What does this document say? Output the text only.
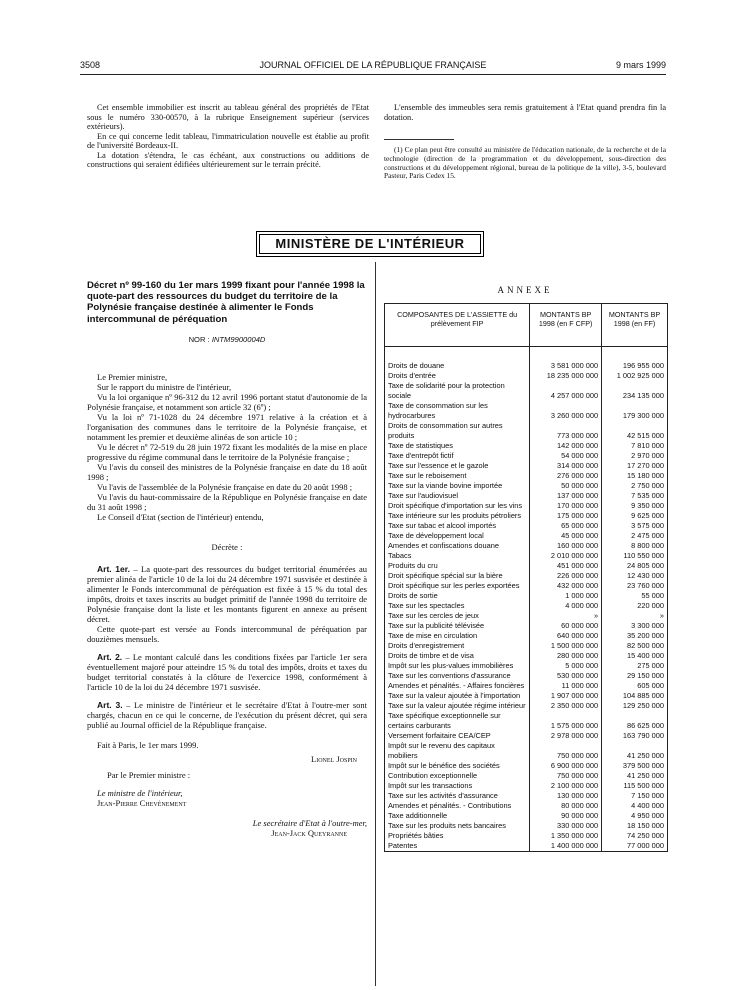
3508	JOURNAL OFFICIEL DE LA RÉPUBLIQUE FRANÇAISE	9 mars 1999

Cet ensemble immobilier est inscrit au tableau général des propriétés de l'Etat sous le numéro 330-00570, à la rubrique Enseignement supérieur (services extérieurs).

En ce qui concerne ledit tableau, l'immatriculation nouvelle est établie au profit de l'université Bordeaux-II.

La dotation s'étendra, le cas échéant, aux constructions ou additions de constructions qui seraient édifiées ultérieurement sur le terrain précité.

L'ensemble des immeubles sera remis gratuitement à l'Etat quand prendra fin la dotation.

(1) Ce plan peut être consulté au ministère de l'éducation nationale, de la recherche et de la technologie (direction de la programmation et du développement, sous-direction des constructions et du développement régional, bureau de la politique de la ville), 3-5, boulevard Pasteur, Paris Cedex 15.

MINISTÈRE DE L'INTÉRIEUR
Décret nº 99-160 du 1er mars 1999 fixant pour l'année 1998 la quote-part des ressources du budget du territoire de la Polynésie française destinée à alimenter le Fonds intercommunal de péréquation
NOR : INTM9900004D

Le Premier ministre,

Sur le rapport du ministre de l'intérieur,

Vu la loi organique nº 96-312 du 12 avril 1996 portant statut d'autonomie de la Polynésie française, et notamment son article 32 (6º) ;

Vu la loi nº 71-1028 du 24 décembre 1971 relative à la création et à l'organisation des communes dans le territoire de la Polynésie française, et notamment les premier et deuxième alinéas de son article 10 ;

Vu le décret nº 72-519 du 28 juin 1972 fixant les modalités de la mise en place progressive du régime communal dans le territoire de la Polynésie française ;

Vu l'avis du conseil des ministres de la Polynésie française en date du 18 août 1998 ;

Vu l'avis de l'assemblée de la Polynésie française en date du 20 août 1998 ;

Vu l'avis du haut-commissaire de la République en Polynésie française en date du 31 août 1998 ;

Le Conseil d'Etat (section de l'intérieur) entendu,

Décrète :

Art. 1er. – La quote-part des ressources du budget territorial énumérées au premier alinéa de l'article 10 de la loi du 24 décembre 1971 susvisée et destinée à alimenter le Fonds intercommunal de péréquation est fixée à 15 % du total des impôts, droits et taxes inscrits au budget primitif de l'année 1998 du territoire de Polynésie française dont la liste et les montants figurent en annexe au présent décret.

Cette quote-part est versée au Fonds intercommunal de péréquation par douzièmes mensuels.

Art. 2. – Le montant calculé dans les conditions fixées par l'article 1er sera éventuellement majoré pour atteindre 15 % du total des impôts, droits et taxes du budget territorial constatés à la clôture de l'exercice 1998, conformément à l'article 10 de la loi du 24 décembre 1971 susvisée.

Art. 3. – Le ministre de l'intérieur et le secrétaire d'Etat à l'outre-mer sont chargés, chacun en ce qui le concerne, de l'exécution du présent décret, qui sera publié au Journal officiel de la République française.

Fait à Paris, le 1er mars 1999.

Lionel Jospin
Par le Premier ministre :
Le ministre de l'intérieur,
Jean-Pierre Chevènement
Le secrétaire d'Etat à l'outre-mer,
Jean-Jack Queyranne
ANNEXE
COMPOSANTES DE L'ASSIETTE du prélèvement FIP	MONTANTS BP 1998 (en F CFP)	MONTANTS BP 1998 (en FF)

Droits de douane	3 581 000 000	196 955 000
Droits d'entrée	18 235 000 000	1 002 925 000
Taxe de solidarité pour la protection sociale	4 257 000 000	234 135 000
Taxe de consommation sur les hydrocarbures	3 260 000 000	179 300 000
Droits de consommation sur autres produits	773 000 000	42 515 000
Taxe de statistiques	142 000 000	7 810 000
Taxe d'entrepôt fictif	54 000 000	2 970 000
Taxe sur l'essence et le gazole	314 000 000	17 270 000
Taxe sur le reboisement	276 000 000	15 180 000
Taxe sur la viande bovine importée	50 000 000	2 750 000
Taxe sur l'audiovisuel	137 000 000	7 535 000
Droit spécifique d'importation sur les vins	170 000 000	9 350 000
Taxe intérieure sur les produits pétroliers	175 000 000	9 625 000
Taxe sur tabac et alcool importés	65 000 000	3 575 000
Taxe de développement local	45 000 000	2 475 000
Amendes et confiscations douane	160 000 000	8 800 000
Tabacs	2 010 000 000	110 550 000
Produits du cru	451 000 000	24 805 000
Droit spécifique spécial sur la bière	226 000 000	12 430 000
Droit spécifique sur les perles exportées	432 000 000	23 760 000
Droits de sortie	1 000 000	55 000
Taxe sur les spectacles	4 000 000	220 000
Taxe sur les cercles de jeux	»	»
Taxe sur la publicité télévisée	60 000 000	3 300 000
Taxe de mise en circulation	640 000 000	35 200 000
Droits d'enregistrement	1 500 000 000	82 500 000
Droits de timbre et de visa	280 000 000	15 400 000
Impôt sur les plus-values immobilières	5 000 000	275 000
Taxe sur les conventions d'assurance	530 000 000	29 150 000
Amendes et pénalités. - Affaires foncières	11 000 000	605 000
Taxe sur la valeur ajoutée à l'importation	1 907 000 000	104 885 000
Taxe sur la valeur ajoutée régime intérieur	2 350 000 000	129 250 000
Taxe spécifique exceptionnelle sur certains carburants	1 575 000 000	86 625 000
Versement forfaitaire CEA/CEP	2 978 000 000	163 790 000
Impôt sur le revenu des capitaux mobiliers	750 000 000	41 250 000
Impôt sur le bénéfice des sociétés	6 900 000 000	379 500 000
Contribution exceptionnelle	750 000 000	41 250 000
Impôt sur les transactions	2 100 000 000	115 500 000
Taxe sur les activités d'assurance	130 000 000	7 150 000
Amendes et pénalités. - Contributions	80 000 000	4 400 000
Taxe additionnelle	90 000 000	4 950 000
Taxe sur les produits nets bancaires	330 000 000	18 150 000
Propriétés bâties	1 350 000 000	74 250 000
Patentes	1 400 000 000	77 000 000
